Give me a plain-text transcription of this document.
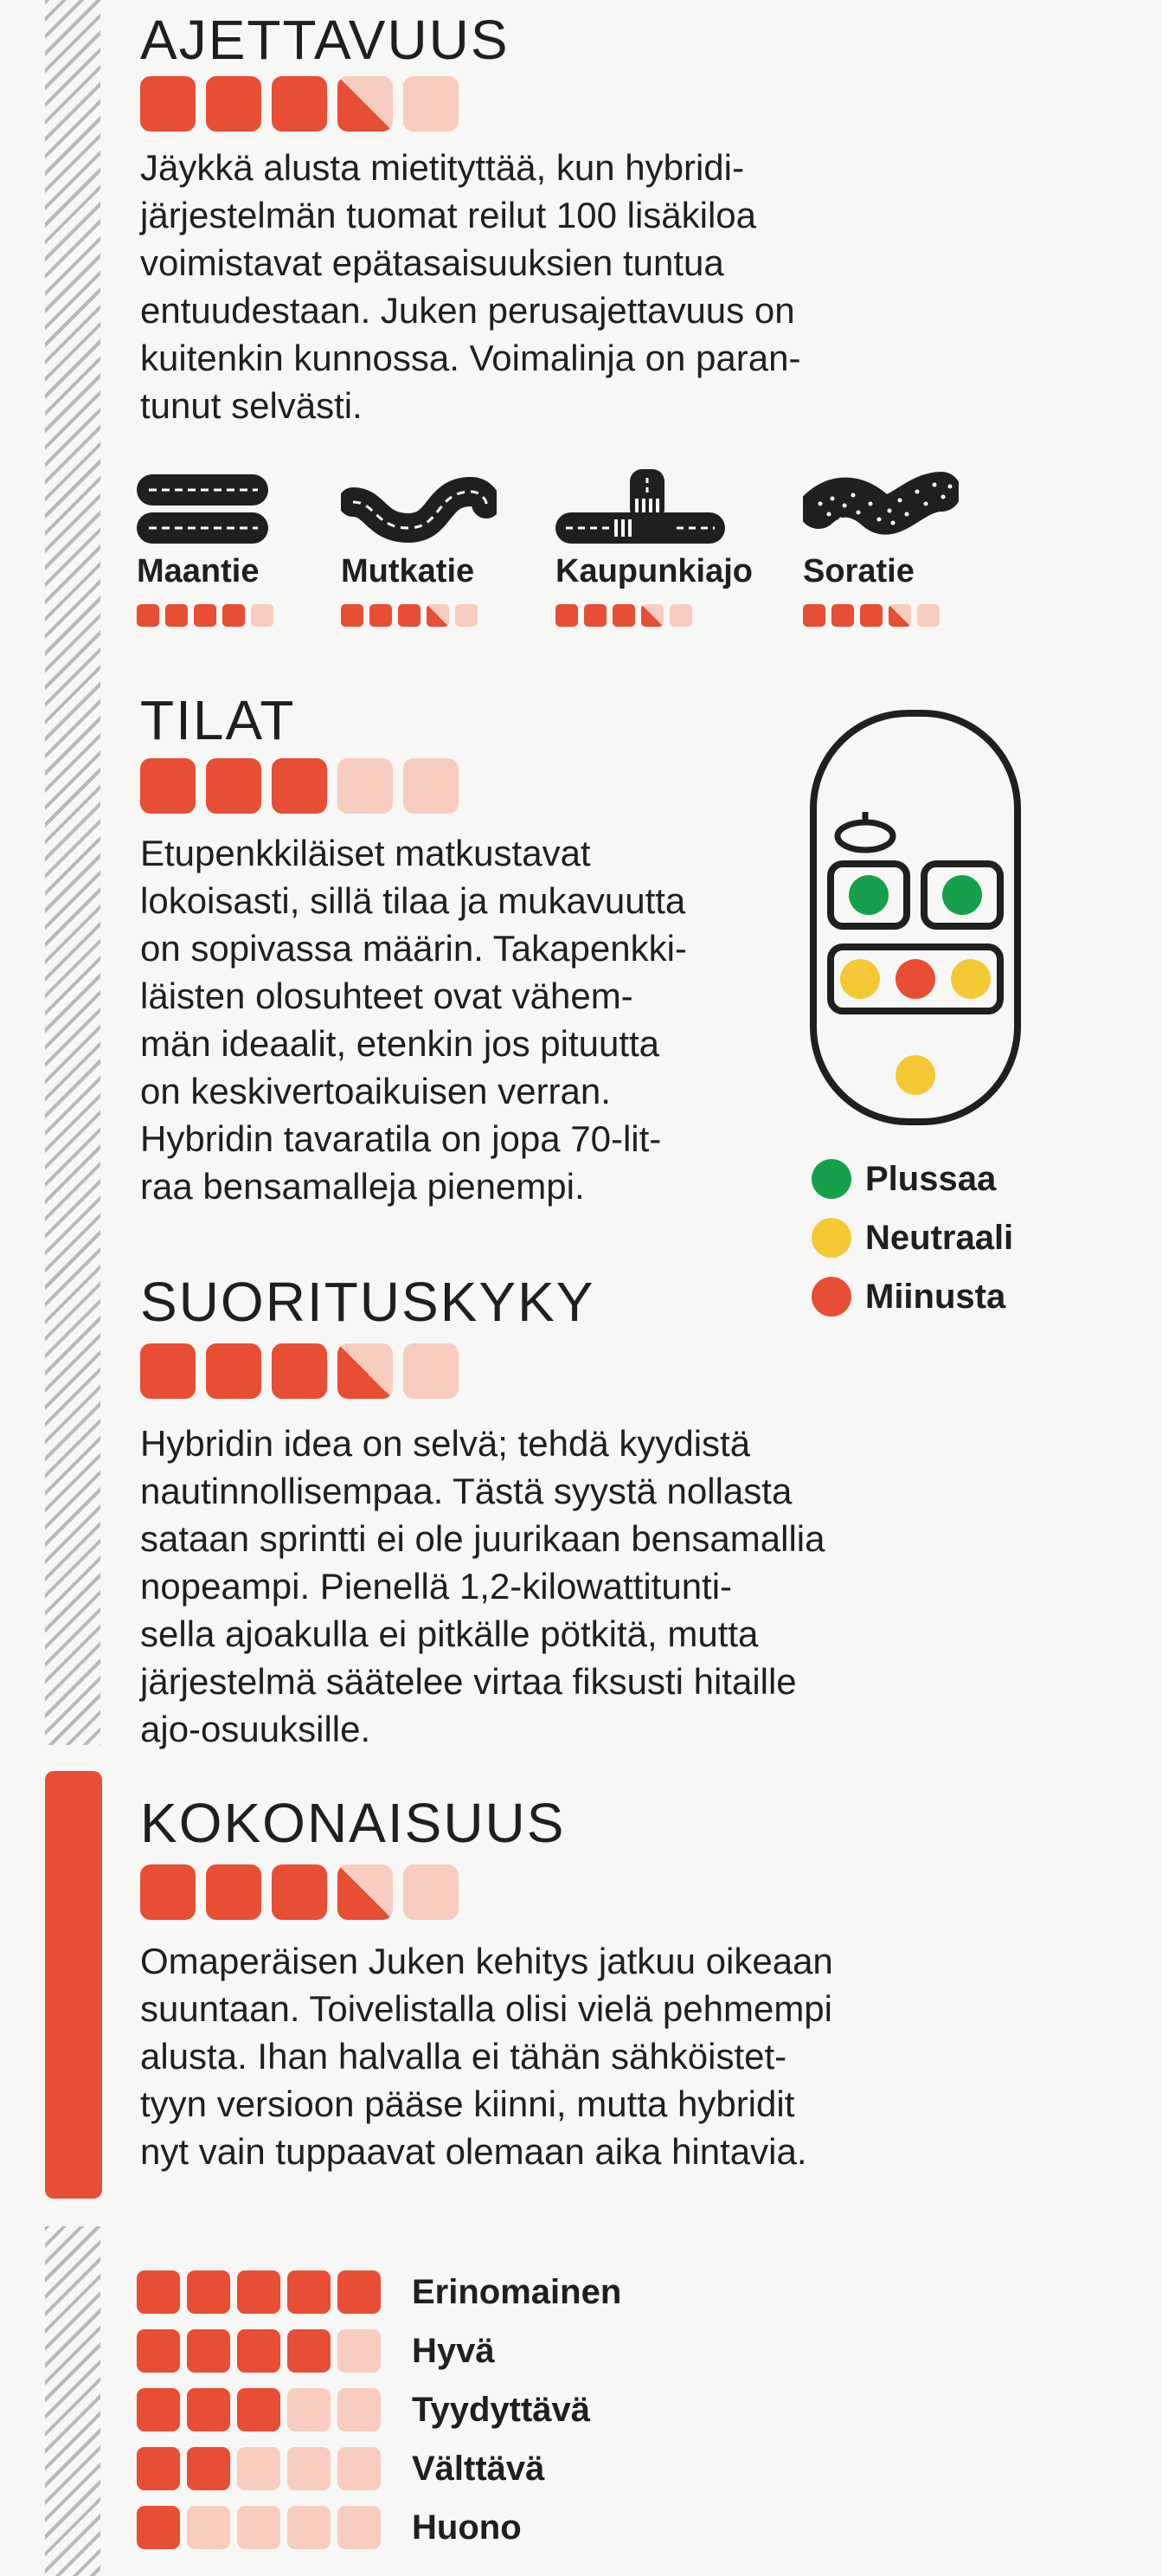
AJETTAVUUS

Jäykkä alusta mietityttää, kun hybridi-
järjestelmän tuomat reilut 100 lisäkiloa
voimistavat epätasaisuuksien tuntua
entuudestaan. Juken perusajettavuus on
kuitenkin kunnossa. Voimalinja on paran-
tunut selvästi.

Maantie	Mutkatie	Kaupunkiajo Soratie

TILAT

Etupenkkiläiset matkustavat
lokoisasti, sillä tilaa ja mukavuutta
on sopivassa määrin. Takapenkki-
läisten olosuhteet ovat vähem-
män ideaalit, etenkin jos pituutta
on keskivertoaikuisen verran.
Hybridin tavaratila on jopa 70-lit-
raa bensamalleja pienempi.	Plussaa
Neutraali
Miinusta
SUORITUSKYKY

Hybridin idea on selvä; tehdä kyydistä
nautinnollisempaa. Tästä syystä nollasta
sataan sprintti ei ole juurikaan bensamallia
nopeampi. Pienellä 1,2-kilowattitunti-
sella ajoakulla ei pitkälle pötkitä, mutta
järjestelmä säätelee virtaa fiksusti hitaille
ajo-osuuksille.

KOKONAISUUS

Omaperäisen Juken kehitys jatkuu oikeaan
suuntaan. Toivelistalla olisi vielä pehmempi
alusta. Ihan halvalla ei tähän sähköistet-
tyyn versioon pääse kiinni, mutta hybridit
nyt vain tuppaavat olemaan aika hintavia.

Erinomainen
Hyvä
Tyydyttävä
Välttävä
Huono
